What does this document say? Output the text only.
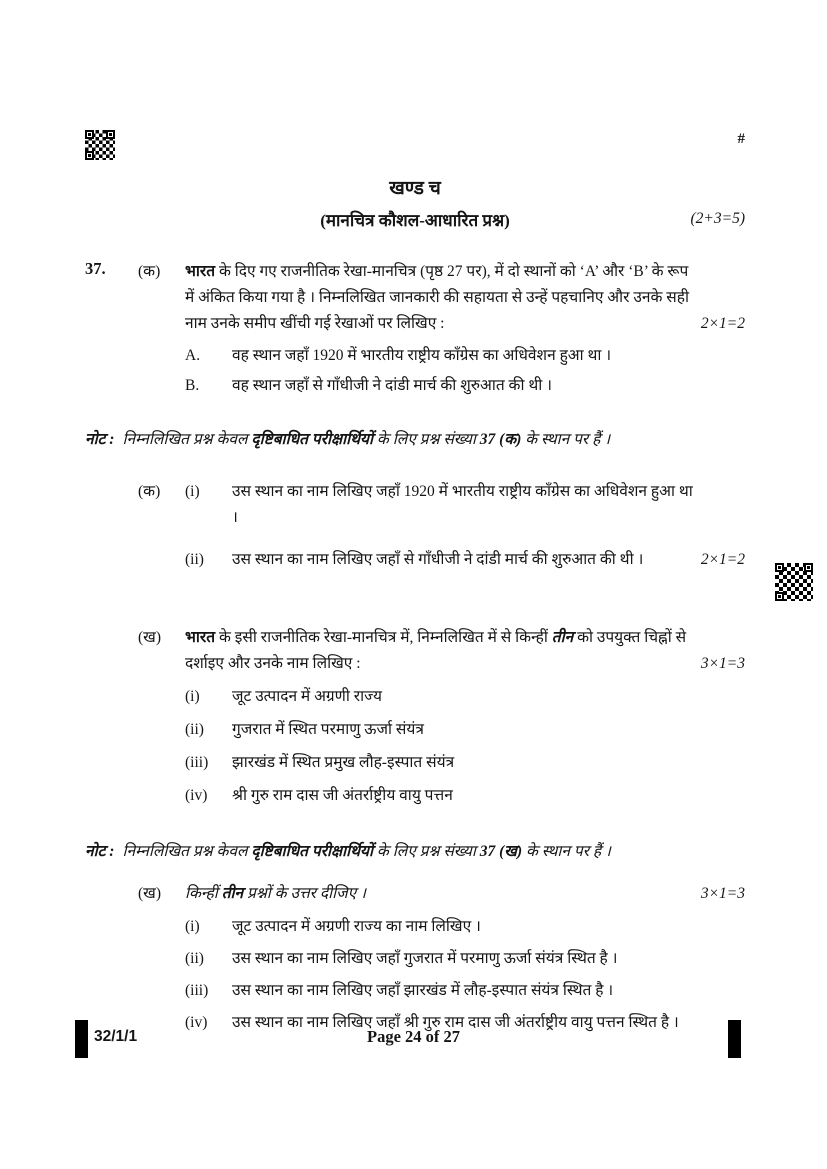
#
खण्ड च
(मानचित्र कौशल-आधारित प्रश्न)	(2+3=5)
37.	(क)	भारत के दिए गए राजनीतिक रेखा-मानचित्र (पृष्ठ 27 पर), में दो स्थानों को ‘A’ और ‘B’ के रूप में अंकित किया गया है । निम्नलिखित जानकारी की सहायता से उन्हें पहचानिए और उनके सही नाम उनके समीप खींची गई रेखाओं पर लिखिए :	2×1=2
A.	वह स्थान जहाँ 1920 में भारतीय राष्ट्रीय काँग्रेस का अधिवेशन हुआ था ।
B.	वह स्थान जहाँ से गाँधीजी ने दांडी मार्च की शुरुआत की थी ।
नोट : निम्नलिखित प्रश्न केवल दृष्टिबाधित परीक्षार्थियों के लिए प्रश्न संख्या 37 (क) के स्थान पर हैं ।
(क)	(i)	उस स्थान का नाम लिखिए जहाँ 1920 में भारतीय राष्ट्रीय काँग्रेस का अधिवेशन हुआ था ।
(ii)	उस स्थान का नाम लिखिए जहाँ से गाँधीजी ने दांडी मार्च की शुरुआत की थी ।	2×1=2
(ख)	भारत के इसी राजनीतिक रेखा-मानचित्र में, निम्नलिखित में से किन्हीं तीन को उपयुक्त चिह्नों से दर्शाइए और उनके नाम लिखिए :	3×1=3
(i)	जूट उत्पादन में अग्रणी राज्य
(ii)	गुजरात में स्थित परमाणु ऊर्जा संयंत्र
(iii)	झारखंड में स्थित प्रमुख लौह-इस्पात संयंत्र
(iv)	श्री गुरु राम दास जी अंतर्राष्ट्रीय वायु पत्तन
नोट : निम्नलिखित प्रश्न केवल दृष्टिबाधित परीक्षार्थियों के लिए प्रश्न संख्या 37 (ख) के स्थान पर हैं ।
(ख)	किन्हीं तीन प्रश्नों के उत्तर दीजिए ।	3×1=3
(i)	जूट उत्पादन में अग्रणी राज्य का नाम लिखिए ।
(ii)	उस स्थान का नाम लिखिए जहाँ गुजरात में परमाणु ऊर्जा संयंत्र स्थित है ।
(iii)	उस स्थान का नाम लिखिए जहाँ झारखंड में लौह-इस्पात संयंत्र स्थित है ।
(iv)	उस स्थान का नाम लिखिए जहाँ श्री गुरु राम दास जी अंतर्राष्ट्रीय वायु पत्तन स्थित है ।
32/1/1	Page 24 of 27
